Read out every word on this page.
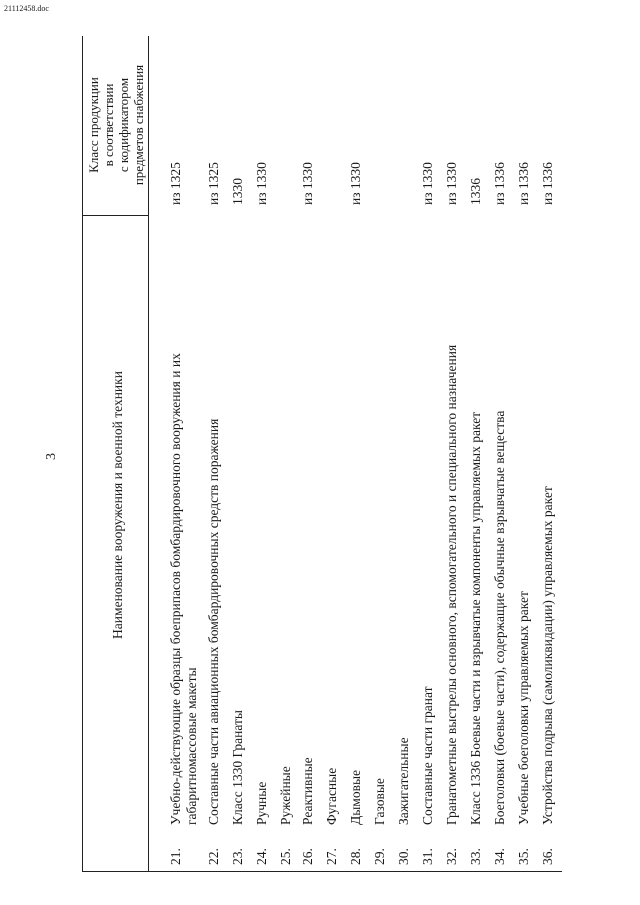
21112458.doc
3	Наименование вооружения и военной техники
Класс продукции в соответствии с кодификатором предметов снабжения
21.
Учебно-действующие образцы боеприпасов бомбардировочного вооружения и их габаритномассовые макеты
из 1325
22.
Составные части авиационных бомбардировочных средств поражения
из 1325
23.
Класс 1330 Гранаты
1330
24.
Ручные
из 1330
25.
Ружейные
26.
Реактивные
из 1330
27.
Фугасные
28.
Дымовые
из 1330
29.
Газовые
30.
Зажигательные
31.
Составные части гранат
из 1330
32.
Гранатометные выстрелы основного, вспомогательного и специального назначения
из 1330
33.
Класс 1336 Боевые части и взрывчатые компоненты управляемых ракет
1336
34.
Боеголовки (боевые части), содержащие обычные взрывчатые вещества
из 1336
35.
Учебные боеголовки управляемых ракет
из 1336
36.
Устройства подрыва (самоликвидации) управляемых ракет
из 1336
